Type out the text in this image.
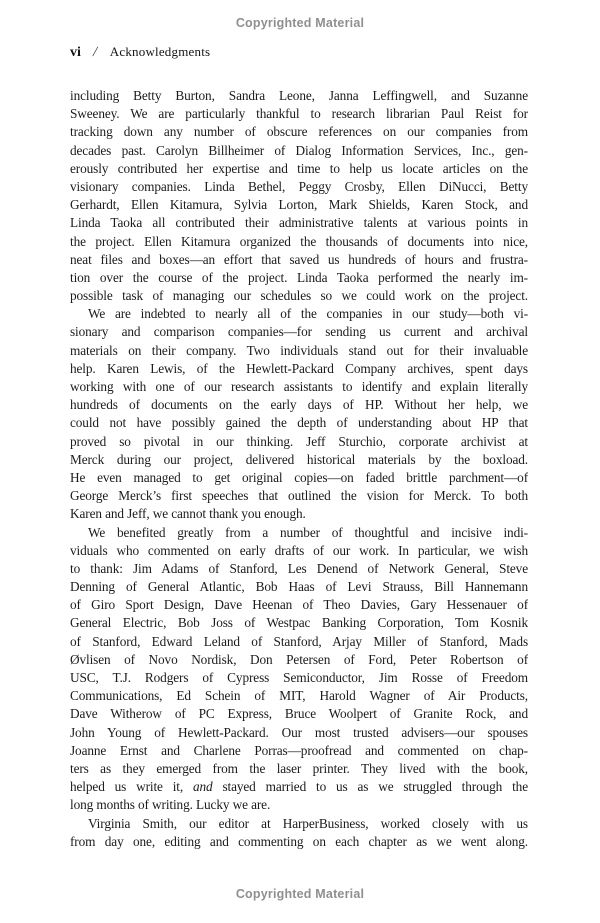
Copyrighted Material
vi / Acknowledgments
including Betty Burton, Sandra Leone, Janna Leffingwell, and Suzanne
Sweeney. We are particularly thankful to research librarian Paul Reist for
tracking down any number of obscure references on our companies from
decades past. Carolyn Billheimer of Dialog Information Services, Inc., gen-
erously contributed her expertise and time to help us locate articles on the
visionary companies. Linda Bethel, Peggy Crosby, Ellen DiNucci, Betty
Gerhardt, Ellen Kitamura, Sylvia Lorton, Mark Shields, Karen Stock, and
Linda Taoka all contributed their administrative talents at various points in
the project. Ellen Kitamura organized the thousands of documents into nice,
neat files and boxes—an effort that saved us hundreds of hours and frustra-
tion over the course of the project. Linda Taoka performed the nearly im-
possible task of managing our schedules so we could work on the project.
We are indebted to nearly all of the companies in our study—both vi-
sionary and comparison companies—for sending us current and archival
materials on their company. Two individuals stand out for their invaluable
help. Karen Lewis, of the Hewlett-Packard Company archives, spent days
working with one of our research assistants to identify and explain literally
hundreds of documents on the early days of HP. Without her help, we
could not have possibly gained the depth of understanding about HP that
proved so pivotal in our thinking. Jeff Sturchio, corporate archivist at
Merck during our project, delivered historical materials by the boxload.
He even managed to get original copies—on faded brittle parchment—of
George Merck’s first speeches that outlined the vision for Merck. To both
Karen and Jeff, we cannot thank you enough.
We benefited greatly from a number of thoughtful and incisive indi-
viduals who commented on early drafts of our work. In particular, we wish
to thank: Jim Adams of Stanford, Les Denend of Network General, Steve
Denning of General Atlantic, Bob Haas of Levi Strauss, Bill Hannemann
of Giro Sport Design, Dave Heenan of Theo Davies, Gary Hessenauer of
General Electric, Bob Joss of Westpac Banking Corporation, Tom Kosnik
of Stanford, Edward Leland of Stanford, Arjay Miller of Stanford, Mads
Øvlisen of Novo Nordisk, Don Petersen of Ford, Peter Robertson of
USC, T.J. Rodgers of Cypress Semiconductor, Jim Rosse of Freedom
Communications, Ed Schein of MIT, Harold Wagner of Air Products,
Dave Witherow of PC Express, Bruce Woolpert of Granite Rock, and
John Young of Hewlett-Packard. Our most trusted advisers—our spouses
Joanne Ernst and Charlene Porras—proofread and commented on chap-
ters as they emerged from the laser printer. They lived with the book,
helped us write it, and stayed married to us as we struggled through the
long months of writing. Lucky we are.
Virginia Smith, our editor at HarperBusiness, worked closely with us
from day one, editing and commenting on each chapter as we went along.
Copyrighted Material
